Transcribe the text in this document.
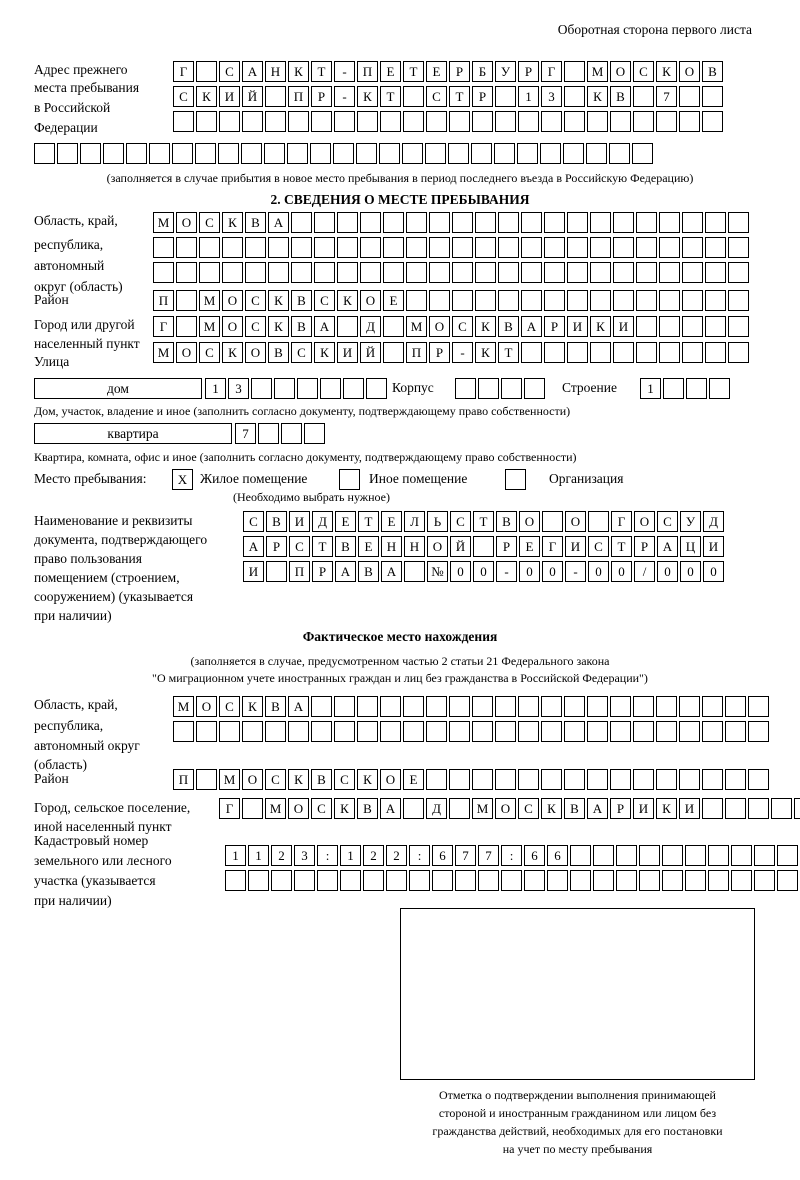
Оборотная сторона первого листа
Адрес прежнего
места пребывания
в Российской
Федерации
Г	С	А	Н	К	Т	-	П	Е	Т	Е	Р	Б	У	Р	Г	М О	С	К	О	В
С	К	И	Й	П	Р	-	К	Т	С	Т	Р	1	3	К	В	7
(заполняется в случае прибытия в новое место пребывания в период последнего въезда в Российскую Федерацию)
2. СВЕДЕНИЯ О МЕСТЕ ПРЕБЫВАНИЯ
Область, край,
республика,
автономный
округ (область)
М О	С	К	В	А
Район	П	М О	С	К	В	С	К	О	Е
Город или другой
населенный пункт
Г	М О	С	К	В	А	Д	М О	С	К	В	А	Р	И	К	И
Улица
М О	С	К	О	В	С	К	И	Й	П	Р	-	К	Т
дом	1	3	Корпус	Строение	1
Дом, участок, владение и иное (заполнить согласно документу, подтверждающему право собственности)
квартира	7
Квартира, комната, офис и иное (заполнить согласно документу, подтверждающему право собственности)
Место пребывания:	Х Жилое помещение	Иное помещение	Организация
(Необходимо выбрать нужное)
Наименование и реквизиты
документа, подтверждающего
право пользования
помещением (строением,
сооружением) (указывается
при наличии)
С	В	И	Д	Е	Т	Е	Л	Ь	С	Т	В	О	О	Г	О	С	У	Д
А	Р	С	Т	В	Е	Н	Н	О	Й	Р	Е	Г	И	С	Т	Р	А	Ц	И
И	П	Р	А	В	А	№	0	0	-	0	0	-	0	0	/	0	0	0
Фактическое место нахождения
(заполняется в случае, предусмотренном частью 2 статьи 21 Федерального закона
"О миграционном учете иностранных граждан и лиц без гражданства в Российской Федерации")
Область, край,
республика,
автономный округ
(область)
М О	С	К	В	А
Район	П	М О	С	К	В	С	К	О	Е
Город, сельское поселение,
иной населенный пункт
Г	М О	С	К	В	А	Д	М О	С	К	В	А	Р	И	К	И
Кадастровый номер
земельного или лесного
участка (указывается
при наличии)
1	1	2	3	:	1	2	2	:	6	7	7	:	6	6
Отметка о подтверждении выполнения принимающей
стороной и иностранным гражданином или лицом без
гражданства действий, необходимых для его постановки
на учет по месту пребывания
